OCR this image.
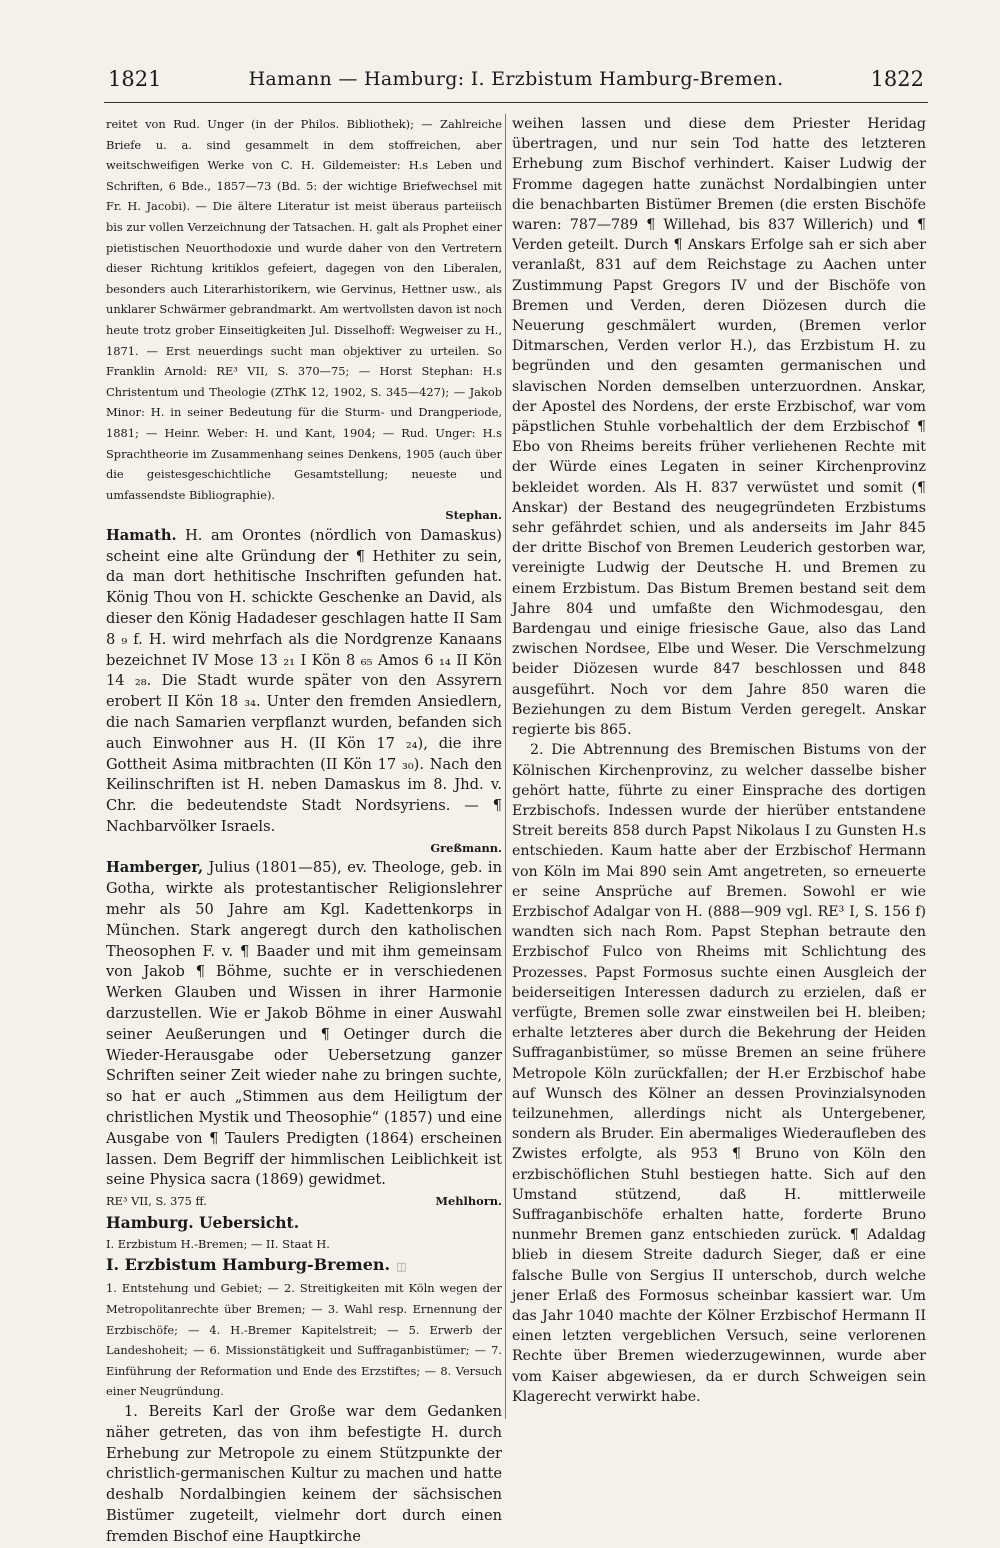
1821	Hamann — Hamburg: I. Erzbistum Hamburg-Bremen.	1822

reitet von Rud. Unger (in der Philos. Bibliothek); — Zahlreiche Briefe u. a. sind gesammelt in dem stoffreichen, aber weitschweifigen Werke von C. H. Gildemeister: H.s Leben und Schriften, 6 Bde., 1857—73 (Bd. 5: der wichtige Briefwechsel mit Fr. H. Jacobi). — Die ältere Literatur ist meist überaus parteiisch bis zur vollen Verzeichnung der Tatsachen. H. galt als Prophet einer pietistischen Neuorthodoxie und wurde daher von den Vertretern dieser Richtung kritiklos gefeiert, dagegen von den Liberalen, besonders auch Literarhistorikern, wie Gervinus, Hettner usw., als unklarer Schwärmer gebrandmarkt. Am wertvollsten davon ist noch heute trotz grober Einseitigkeiten Jul. Disselhoff: Wegweiser zu H., 1871. — Erst neuerdings sucht man objektiver zu urteilen. So Franklin Arnold: RE³ VII, S. 370—75; — Horst Stephan: H.s Christentum und Theologie (ZThK 12, 1902, S. 345—427); — Jakob Minor: H. in seiner Bedeutung für die Sturm- und Drangperiode, 1881; — Heinr. Weber: H. und Kant, 1904; — Rud. Unger: H.s Sprachtheorie im Zusammenhang seines Denkens, 1905 (auch über die geistesgeschichtliche Gesamtstellung; neueste und umfassendste Bibliographie).

Stephan.

Hamath. H. am Orontes (nördlich von Damaskus) scheint eine alte Gründung der ¶ Hethiter zu sein, da man dort hethitische Inschriften gefunden hat. König Thou von H. schickte Geschenke an David, als dieser den König Hadadeser geschlagen hatte II Sam 8 ₉ f. H. wird mehrfach als die Nordgrenze Kanaans bezeichnet IV Mose 13 ₂₁ I Kön 8 ₆₅ Amos 6 ₁₄ II Kön 14 ₂₈. Die Stadt wurde später von den Assyrern erobert II Kön 18 ₃₄. Unter den fremden Ansiedlern, die nach Samarien verpflanzt wurden, befanden sich auch Einwohner aus H. (II Kön 17 ₂₄), die ihre Gottheit Asima mitbrachten (II Kön 17 ₃₀). Nach den Keilinschriften ist H. neben Damaskus im 8. Jhd. v. Chr. die bedeutendste Stadt Nordsyriens. — ¶ Nachbarvölker Israels.

Greßmann.

Hamberger, Julius (1801—85), ev. Theologe, geb. in Gotha, wirkte als protestantischer Religionslehrer mehr als 50 Jahre am Kgl. Kadettenkorps in München. Stark angeregt durch den katholischen Theosophen F. v. ¶ Baader und mit ihm gemeinsam von Jakob ¶ Böhme, suchte er in verschiedenen Werken Glauben und Wissen in ihrer Harmonie darzustellen. Wie er Jakob Böhme in einer Auswahl seiner Aeußerungen und ¶ Oetinger durch die Wieder-Herausgabe oder Uebersetzung ganzer Schriften seiner Zeit wieder nahe zu bringen suchte, so hat er auch „Stimmen aus dem Heiligtum der christlichen Mystik und Theosophie“ (1857) und eine Ausgabe von ¶ Taulers Predigten (1864) erscheinen lassen. Dem Begriff der himmlischen Leiblichkeit ist seine Physica sacra (1869) gewidmet.

RE³ VII, S. 375 ff.	Mehlhorn.

Hamburg. Uebersicht.

I. Erzbistum H.-Bremen; — II. Staat H.

I. Erzbistum Hamburg-Bremen. ◫

1. Entstehung und Gebiet; — 2. Streitigkeiten mit Köln wegen der Metropolitanrechte über Bremen; — 3. Wahl resp. Ernennung der Erzbischöfe; — 4. H.-Bremer Kapitelstreit; — 5. Erwerb der Landeshoheit; — 6. Missionstätigkeit und Suffraganbistümer; — 7. Einführung der Reformation und Ende des Erzstiftes; — 8. Versuch einer Neugründung.

1. Bereits Karl der Große war dem Gedanken näher getreten, das von ihm befestigte H. durch Erhebung zur Metropole zu einem Stützpunkte der christlich-germanischen Kultur zu machen und hatte deshalb Nordalbingien keinem der sächsischen Bistümer zugeteilt, vielmehr dort durch einen fremden Bischof eine Hauptkirche

weihen lassen und diese dem Priester Heridag übertragen, und nur sein Tod hatte des letzteren Erhebung zum Bischof verhindert. Kaiser Ludwig der Fromme dagegen hatte zunächst Nordalbingien unter die benachbarten Bistümer Bremen (die ersten Bischöfe waren: 787—789 ¶ Willehad, bis 837 Willerich) und ¶ Verden geteilt. Durch ¶ Anskars Erfolge sah er sich aber veranlaßt, 831 auf dem Reichstage zu Aachen unter Zustimmung Papst Gregors IV und der Bischöfe von Bremen und Verden, deren Diözesen durch die Neuerung geschmälert wurden, (Bremen verlor Ditmarschen, Verden verlor H.), das Erzbistum H. zu begründen und den gesamten germanischen und slavischen Norden demselben unterzuordnen. Anskar, der Apostel des Nordens, der erste Erzbischof, war vom päpstlichen Stuhle vorbehaltlich der dem Erzbischof ¶ Ebo von Rheims bereits früher verliehenen Rechte mit der Würde eines Legaten in seiner Kirchenprovinz bekleidet worden. Als H. 837 verwüstet und somit (¶ Anskar) der Bestand des neugegründeten Erzbistums sehr gefährdet schien, und als anderseits im Jahr 845 der dritte Bischof von Bremen Leuderich gestorben war, vereinigte Ludwig der Deutsche H. und Bremen zu einem Erzbistum. Das Bistum Bremen bestand seit dem Jahre 804 und umfaßte den Wichmodesgau, den Bardengau und einige friesische Gaue, also das Land zwischen Nordsee, Elbe und Weser. Die Verschmelzung beider Diözesen wurde 847 beschlossen und 848 ausgeführt. Noch vor dem Jahre 850 waren die Beziehungen zu dem Bistum Verden geregelt. Anskar regierte bis 865.

2. Die Abtrennung des Bremischen Bistums von der Kölnischen Kirchenprovinz, zu welcher dasselbe bisher gehört hatte, führte zu einer Einsprache des dortigen Erzbischofs. Indessen wurde der hierüber entstandene Streit bereits 858 durch Papst Nikolaus I zu Gunsten H.s entschieden. Kaum hatte aber der Erzbischof Hermann von Köln im Mai 890 sein Amt angetreten, so erneuerte er seine Ansprüche auf Bremen. Sowohl er wie Erzbischof Adalgar von H. (888—909 vgl. RE³ I, S. 156 f) wandten sich nach Rom. Papst Stephan betraute den Erzbischof Fulco von Rheims mit Schlichtung des Prozesses. Papst Formosus suchte einen Ausgleich der beiderseitigen Interessen dadurch zu erzielen, daß er verfügte, Bremen solle zwar einstweilen bei H. bleiben; erhalte letzteres aber durch die Bekehrung der Heiden Suffraganbistümer, so müsse Bremen an seine frühere Metropole Köln zurückfallen; der H.er Erzbischof habe auf Wunsch des Kölner an dessen Provinzialsynoden teilzunehmen, allerdings nicht als Untergebener, sondern als Bruder. Ein abermaliges Wiederaufleben des Zwistes erfolgte, als 953 ¶ Bruno von Köln den erzbischöflichen Stuhl bestiegen hatte. Sich auf den Umstand stützend, daß H. mittlerweile Suffraganbischöfe erhalten hatte, forderte Bruno nunmehr Bremen ganz entschieden zurück. ¶ Adaldag blieb in diesem Streite dadurch Sieger, daß er eine falsche Bulle von Sergius II unterschob, durch welche jener Erlaß des Formosus scheinbar kassiert war. Um das Jahr 1040 machte der Kölner Erzbischof Hermann II einen letzten vergeblichen Versuch, seine verlorenen Rechte über Bremen wiederzugewinnen, wurde aber vom Kaiser abgewiesen, da er durch Schweigen sein Klagerecht verwirkt habe.
